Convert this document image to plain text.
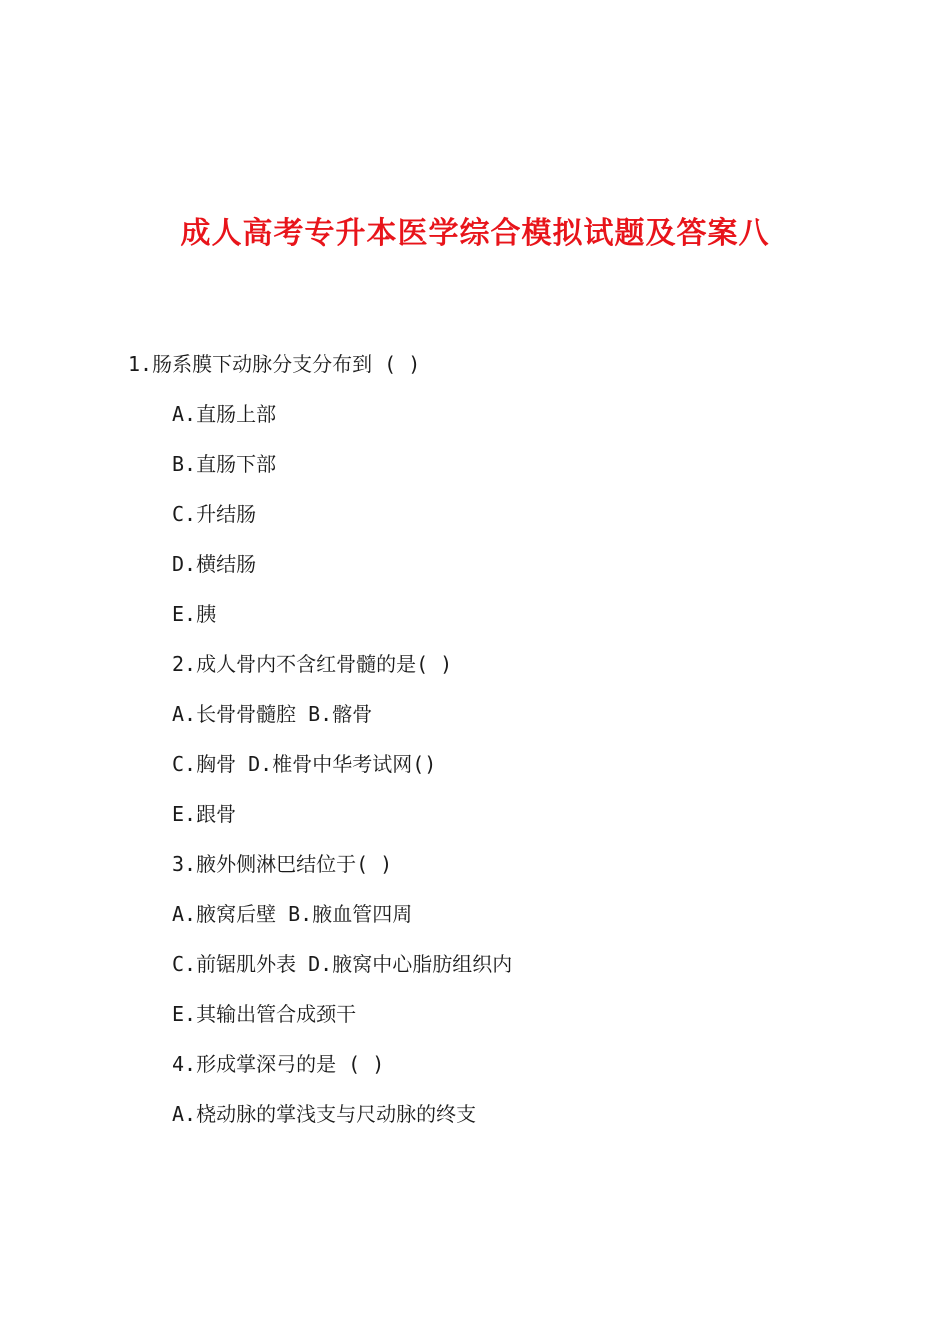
成人高考专升本医学综合模拟试题及答案八
1.肠系膜下动脉分支分布到 ( )
A.直肠上部
B.直肠下部
C.升结肠
D.横结肠
E.胰
2.成人骨内不含红骨髓的是( )
A.长骨骨髓腔 B.髂骨
C.胸骨 D.椎骨中华考试网()
E.跟骨
3.腋外侧淋巴结位于( )
A.腋窝后壁 B.腋血管四周
C.前锯肌外表 D.腋窝中心脂肪组织内
E.其输出管合成颈干
4.形成掌深弓的是 ( )
A.桡动脉的掌浅支与尺动脉的终支
